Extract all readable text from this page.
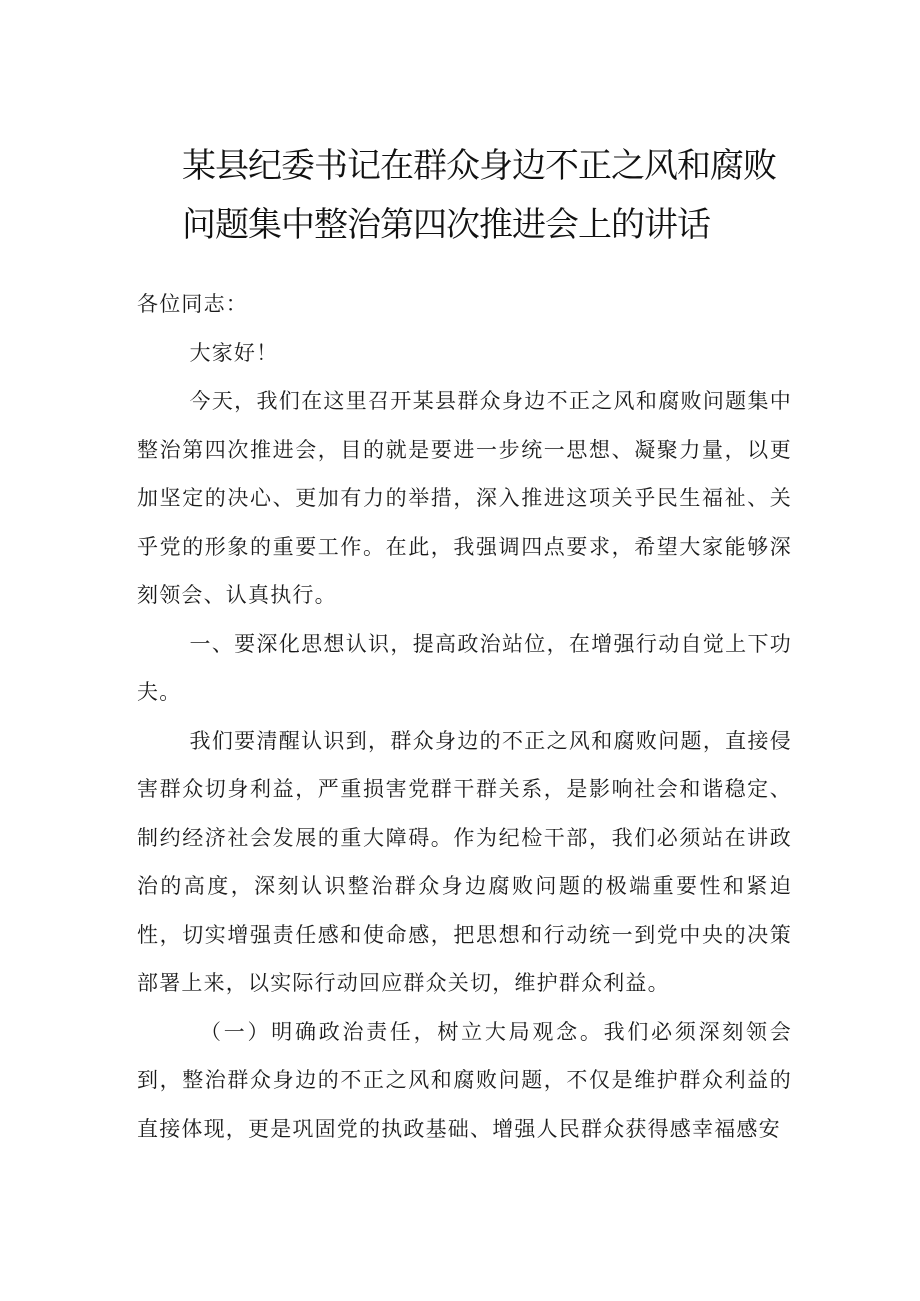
某县纪委书记在群众身边不正之风和腐败
问题集中整治第四次推进会上的讲话

各位同志：

大家好！

今天，我们在这里召开某县群众身边不正之风和腐败问题集中整治第四次推进会，目的就是要进一步统一思想、凝聚力量，以更加坚定的决心、更加有力的举措，深入推进这项关乎民生福祉、关乎党的形象的重要工作。在此，我强调四点要求，希望大家能够深刻领会、认真执行。

一、要深化思想认识，提高政治站位，在增强行动自觉上下功夫。

我们要清醒认识到，群众身边的不正之风和腐败问题，直接侵害群众切身利益，严重损害党群干群关系，是影响社会和谐稳定、制约经济社会发展的重大障碍。作为纪检干部，我们必须站在讲政治的高度，深刻认识整治群众身边腐败问题的极端重要性和紧迫性，切实增强责任感和使命感，把思想和行动统一到党中央的决策部署上来，以实际行动回应群众关切，维护群众利益。

（一）明确政治责任，树立大局观念。我们必须深刻领会到，整治群众身边的不正之风和腐败问题，不仅是维护群众利益的直接体现，更是巩固党的执政基础、增强人民群众获得感幸福感安
